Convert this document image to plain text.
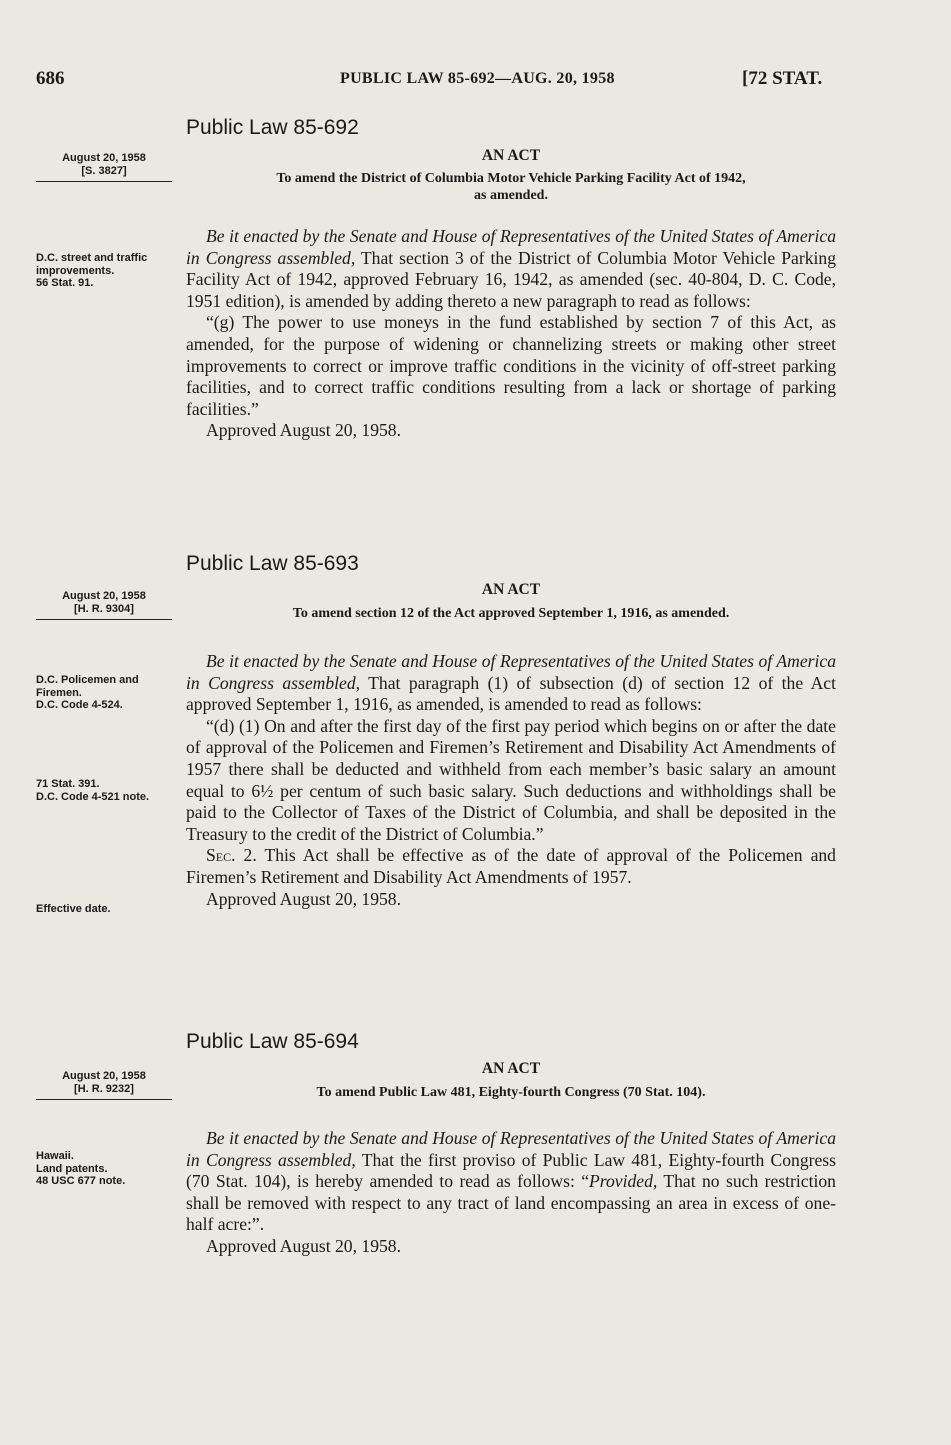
686	PUBLIC LAW 85-692—AUG. 20, 1958	[72 STAT.
Public Law 85-692
AN ACT
To amend the District of Columbia Motor Vehicle Parking Facility Act of 1942,
as amended.
August 20, 1958
[S. 3827]
D.C. street and traffic improvements.
56 Stat. 91.

Be it enacted by the Senate and House of Representatives of the United States of America in Congress assembled, That section 3 of the District of Columbia Motor Vehicle Parking Facility Act of 1942, approved February 16, 1942, as amended (sec. 40-804, D. C. Code, 1951 edition), is amended by adding thereto a new paragraph to read as follows:

“(g) The power to use moneys in the fund established by section 7 of this Act, as amended, for the purpose of widening or channelizing streets or making other street improvements to correct or improve traffic conditions in the vicinity of off-street parking facilities, and to correct traffic conditions resulting from a lack or shortage of parking facilities.”

Approved August 20, 1958.

Public Law 85-693
AN ACT
To amend section 12 of the Act approved September 1, 1916, as amended.
August 20, 1958
[H. R. 9304]
D.C. Policemen and Firemen.
D.C. Code 4-524.
71 Stat. 391.
D.C. Code 4-521 note.
Effective date.

Be it enacted by the Senate and House of Representatives of the United States of America in Congress assembled, That paragraph (1) of subsection (d) of section 12 of the Act approved September 1, 1916, as amended, is amended to read as follows:

“(d) (1) On and after the first day of the first pay period which begins on or after the date of approval of the Policemen and Firemen’s Retirement and Disability Act Amendments of 1957 there shall be deducted and withheld from each member’s basic salary an amount equal to 6½ per centum of such basic salary. Such deductions and withholdings shall be paid to the Collector of Taxes of the District of Columbia, and shall be deposited in the Treasury to the credit of the District of Columbia.”

Sec. 2. This Act shall be effective as of the date of approval of the Policemen and Firemen’s Retirement and Disability Act Amendments of 1957.

Approved August 20, 1958.

Public Law 85-694
AN ACT
To amend Public Law 481, Eighty-fourth Congress (70 Stat. 104).
August 20, 1958
[H. R. 9232]
Hawaii.
Land patents.
48 USC 677 note.

Be it enacted by the Senate and House of Representatives of the United States of America in Congress assembled, That the first proviso of Public Law 481, Eighty-fourth Congress (70 Stat. 104), is hereby amended to read as follows: “Provided, That no such restriction shall be removed with respect to any tract of land encompassing an area in excess of one-half acre:”.

Approved August 20, 1958.
